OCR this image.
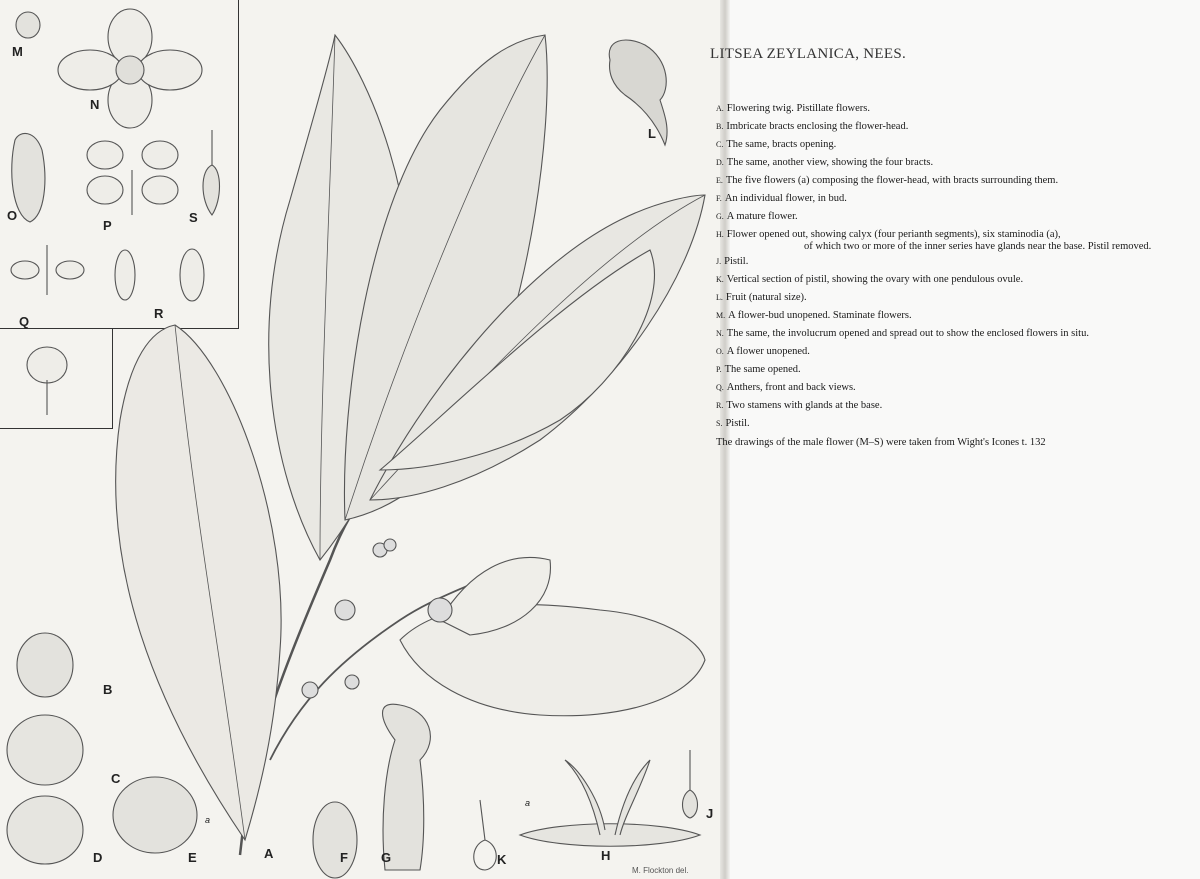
M
N
O
P
S
Q
R
L
B
C
D	E
a
A	F	G	K
a
H
J
M. Flockton del.
LITSEA ZEYLANICA, NEES.
A. Flowering twig. Pistillate flowers.
B. Imbricate bracts enclosing the flower-head.
C. The same, bracts opening.
D. The same, another view, showing the four bracts.
E. The five flowers (a) composing the flower-head, with bracts surrounding them.
F. An individual flower, in bud.
G. A mature flower.
H. Flower opened out, showing calyx (four perianth segments), six staminodia (a),
of which two or more of the inner series have glands near the base. Pistil removed.
J. Pistil.
K. Vertical section of pistil, showing the ovary with one pendulous ovule.
L. Fruit (natural size).
M. A flower-bud unopened. Staminate flowers.
N. The same, the involucrum opened and spread out to show the enclosed flowers in situ.
O. A flower unopened.
P. The same opened.
Q. Anthers, front and back views.
R. Two stamens with glands at the base.
S. Pistil.
The drawings of the male flower (M–S) were taken from Wight's Icones t. 132
